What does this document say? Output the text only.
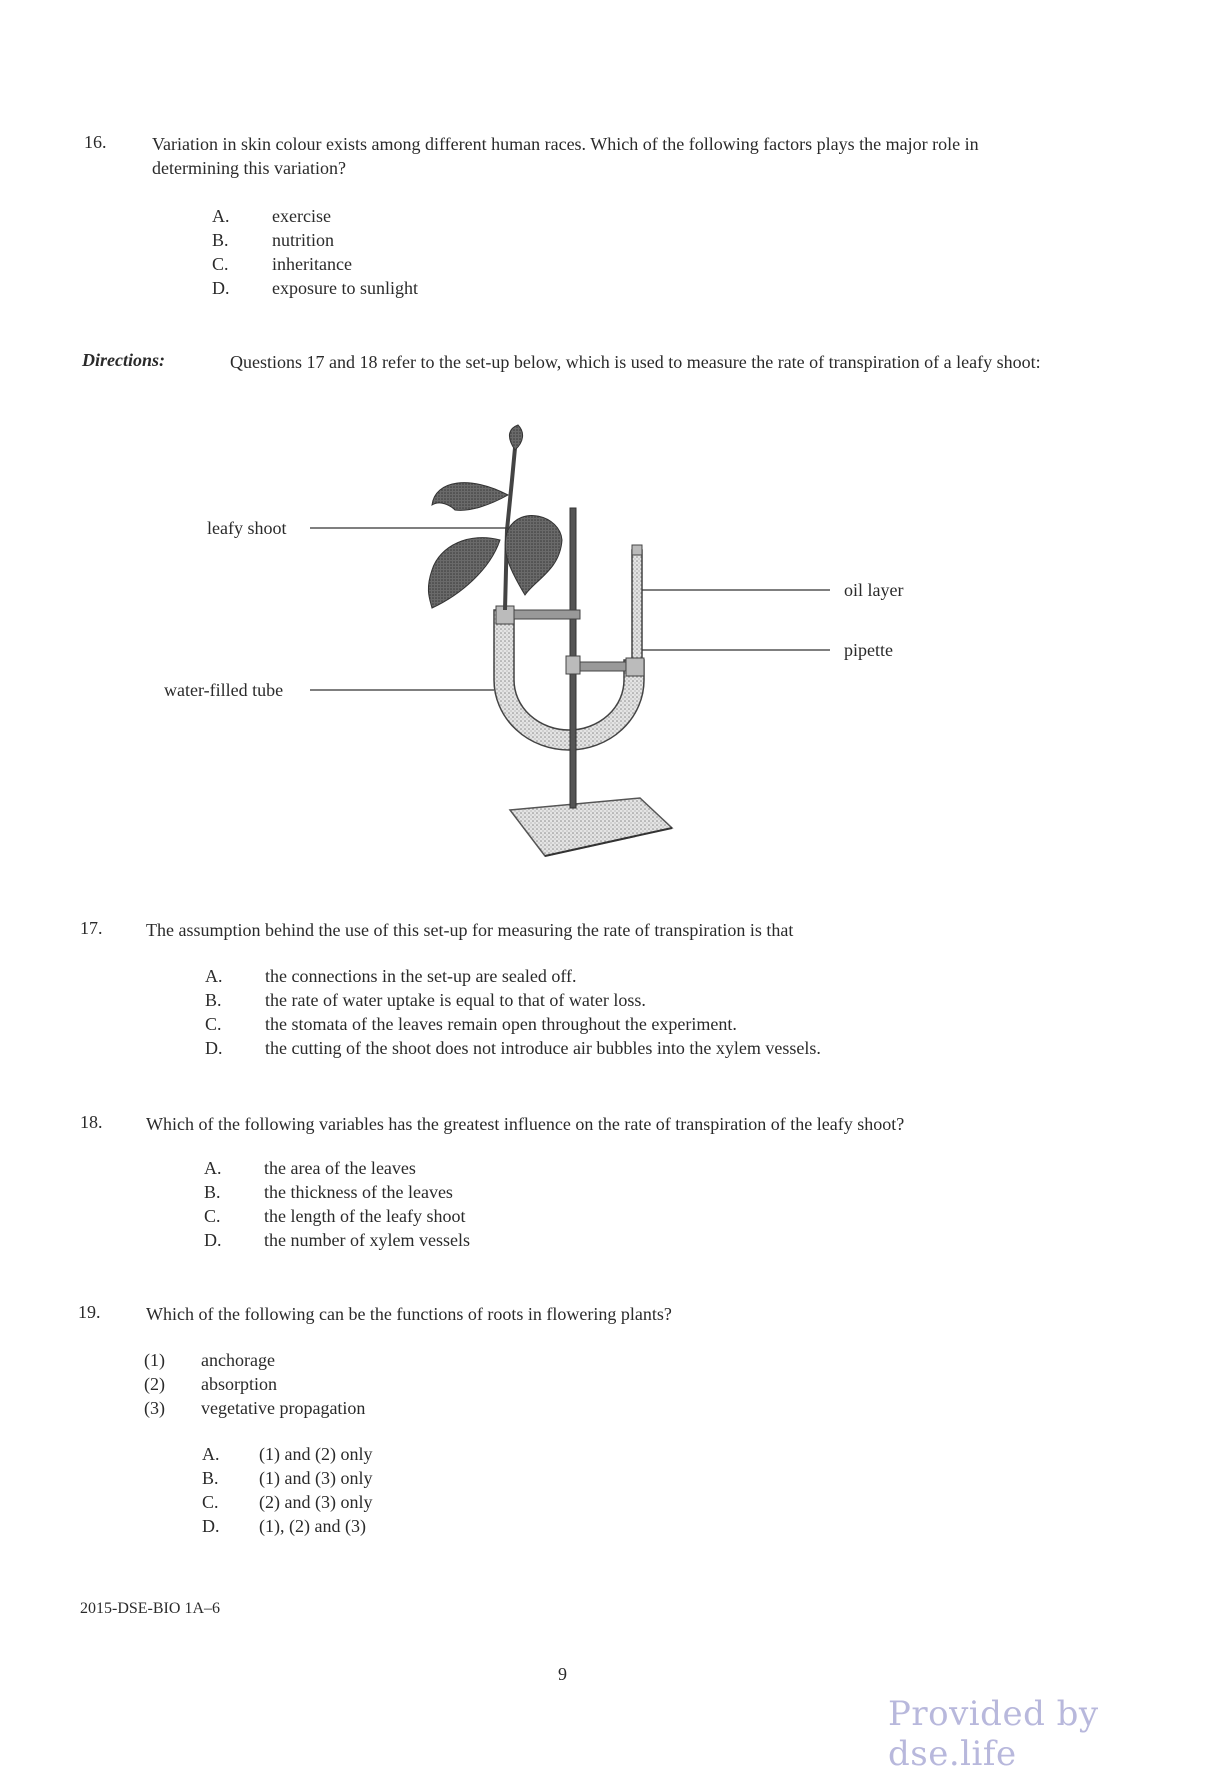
16.	Variation in skin colour exists among different human races. Which of the following factors plays the major role in determining this variation?
A. exercise
B. nutrition
C. inheritance
D. exposure to sunlight
Directions:	Questions 17 and 18 refer to the set-up below, which is used to measure the rate of transpiration of a leafy shoot:
leafy shoot
water-filled tube
oil layer
pipette
17. The assumption behind the use of this set-up for measuring the rate of transpiration is that
A. the connections in the set-up are sealed off.
B. the rate of water uptake is equal to that of water loss.
C. the stomata of the leaves remain open throughout the experiment.
D. the cutting of the shoot does not introduce air bubbles into the xylem vessels.
18. Which of the following variables has the greatest influence on the rate of transpiration of the leafy shoot?
A. the area of the leaves
B. the thickness of the leaves
C. the length of the leafy shoot
D. the number of xylem vessels
19.	Which of the following can be the functions of roots in flowering plants?
(1) anchorage
(2) absorption
(3) vegetative propagation
A. (1) and (2) only
B. (1) and (3) only
C. (2) and (3) only
D. (1), (2) and (3)
2015-DSE-BIO 1A–6
9
Provided by dse.life
